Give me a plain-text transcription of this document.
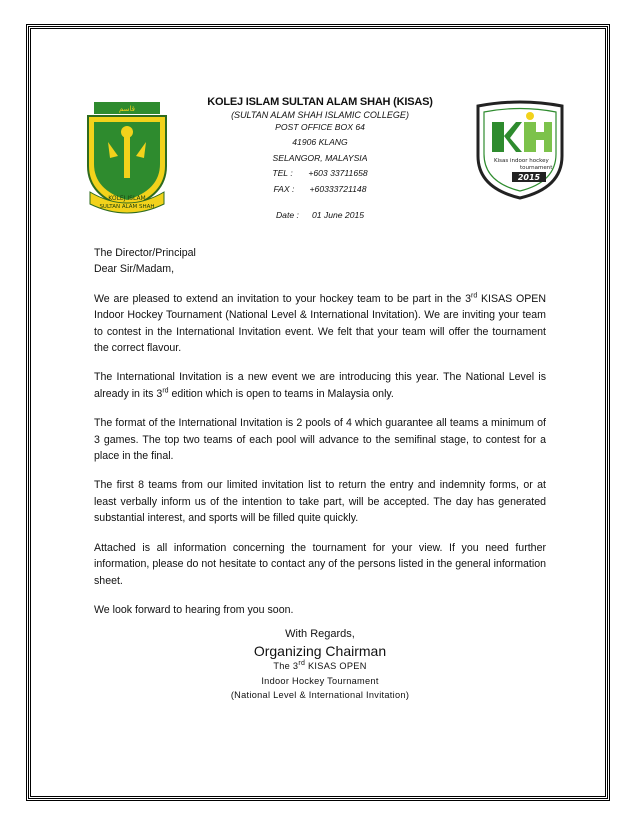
ﻗﺎﺳﻢ
KOLEJ ISLAM
SULTAN ALAM SHAH
KOLEJ ISLAM SULTAN ALAM SHAH (KISAS)
(SULTAN ALAM SHAH ISLAMIC COLLEGE)
POST OFFICE BOX 64
41906 KLANG
SELANGOR, MALAYSIA
TEL : +603 33711658
FAX : +60333721148
Date : 01 June 2015
Kisas indoor hockey
tournament
2015
The Director/Principal
Dear Sir/Madam,

We are pleased to extend an invitation to your hockey team to be part in the 3rd KISAS OPEN Indoor Hockey Tournament (National Level & International Invitation). We are inviting your team to contest in the International Invitation event. We felt that your team will offer the tournament the correct flavour.

The International Invitation is a new event we are introducing this year. The National Level is already in its 3rd edition which is open to teams in Malaysia only.

The format of the International Invitation is 2 pools of 4 which guarantee all teams a minimum of 3 games. The top two teams of each pool will advance to the semifinal stage, to contest for a place in the final.

The first 8 teams from our limited invitation list to return the entry and indemnity forms, or at least verbally inform us of the intention to take part, will be accepted. The day has generated substantial interest, and sports will be filled quite quickly.

Attached is all information concerning the tournament for your view. If you need further information, please do not hesitate to contact any of the persons listed in the general information sheet.

We look forward to hearing from you soon.

With Regards,
Organizing Chairman
The 3rd KISAS OPEN
Indoor Hockey Tournament
(National Level & International Invitation)
